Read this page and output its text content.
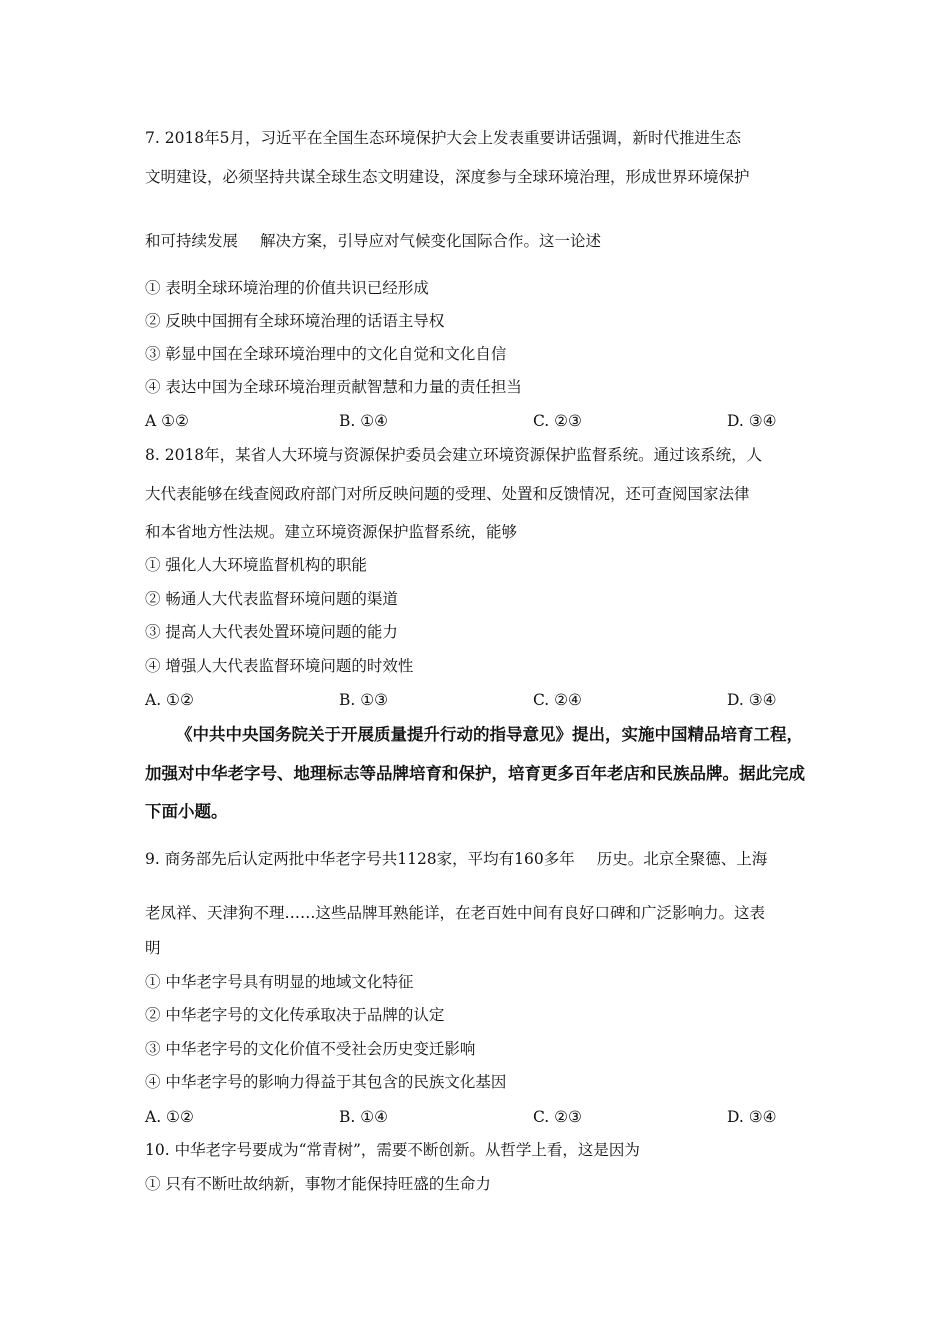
7. 2018年5月，习近平在全国生态环境保护大会上发表重要讲话强调，新时代推进生态
文明建设，必须坚持共谋全球生态文明建设，深度参与全球环境治理，形成世界环境保护
和可持续发展 解决方案，引导应对气候变化国际合作。这一论述
① 表明全球环境治理的价值共识已经形成
② 反映中国拥有全球环境治理的话语主导权
③ 彰显中国在全球环境治理中的文化自觉和文化自信
④ 表达中国为全球环境治理贡献智慧和力量的责任担当
A ①②	B. ①④	C. ②③	D. ③④
8. 2018年，某省人大环境与资源保护委员会建立环境资源保护监督系统。通过该系统，人
大代表能够在线查阅政府部门对所反映问题的受理、处置和反馈情况，还可查阅国家法律
和本省地方性法规。建立环境资源保护监督系统，能够
① 强化人大环境监督机构的职能
② 畅通人大代表监督环境问题的渠道
③ 提高人大代表处置环境问题的能力
④ 增强人大代表监督环境问题的时效性
A. ①②	B. ①③	C. ②④	D. ③④
《中共中央国务院关于开展质量提升行动的指导意见》提出，实施中国精品培育工程，
加强对中华老字号、地理标志等品牌培育和保护，培育更多百年老店和民族品牌。据此完成
下面小题。
9. 商务部先后认定两批中华老字号共1128家，平均有160多年 历史。北京全聚德、上海
老凤祥、天津狗不理……这些品牌耳熟能详，在老百姓中间有良好口碑和广泛影响力。这表
明
① 中华老字号具有明显的地域文化特征
② 中华老字号的文化传承取决于品牌的认定
③ 中华老字号的文化价值不受社会历史变迁影响
④ 中华老字号的影响力得益于其包含的民族文化基因
A. ①②	B. ①④	C. ②③	D. ③④
10. 中华老字号要成为“常青树”，需要不断创新。从哲学上看，这是因为
① 只有不断吐故纳新，事物才能保持旺盛的生命力
